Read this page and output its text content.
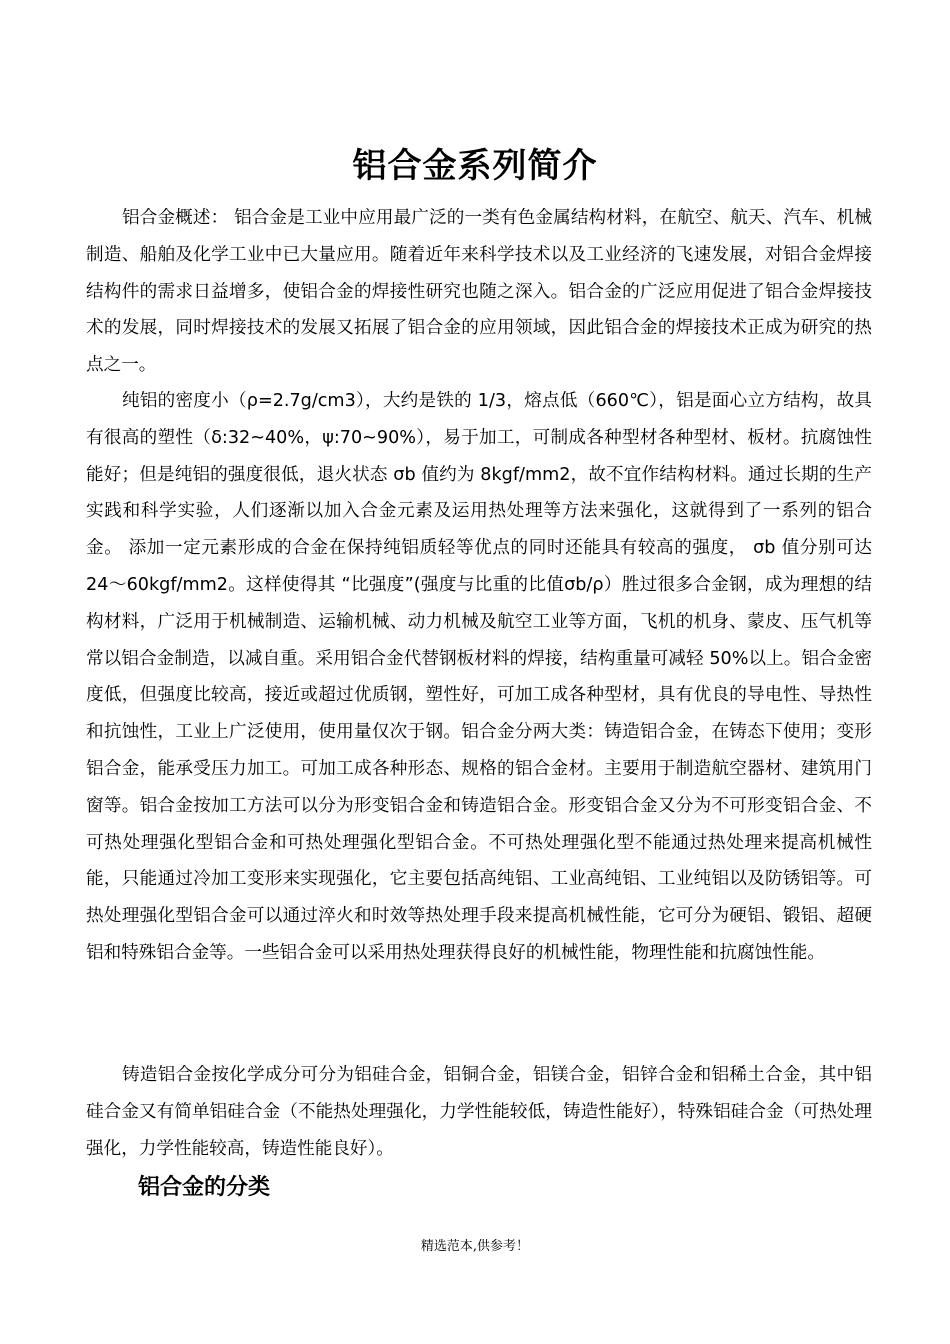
铝合金系列简介

铝合金概述： 铝合金是工业中应用最广泛的一类有色金属结构材料，在航空、航天、汽车、机械制造、船舶及化学工业中已大量应用。随着近年来科学技术以及工业经济的飞速发展，对铝合金焊接结构件的需求日益增多，使铝合金的焊接性研究也随之深入。铝合金的广泛应用促进了铝合金焊接技术的发展，同时焊接技术的发展又拓展了铝合金的应用领域，因此铝合金的焊接技术正成为研究的热点之一。

纯铝的密度小（ρ=2.7g/cm3），大约是铁的 1/3，熔点低（660℃），铝是面心立方结构，故具有很高的塑性（δ:32~40%，ψ:70~90%），易于加工，可制成各种型材各种型材、板材。抗腐蚀性能好；但是纯铝的强度很低，退火状态 σb 值约为 8kgf/mm2，故不宜作结构材料。通过长期的生产实践和科学实验，人们逐渐以加入合金元素及运用热处理等方法来强化，这就得到了一系列的铝合金。 添加一定元素形成的合金在保持纯铝质轻等优点的同时还能具有较高的强度， σb 值分别可达 24～60kgf/mm2。这样使得其 “比强度”(强度与比重的比值σb/ρ）胜过很多合金钢，成为理想的结构材料，广泛用于机械制造、运输机械、动力机械及航空工业等方面，飞机的机身、蒙皮、压气机等常以铝合金制造，以减自重。采用铝合金代替钢板材料的焊接，结构重量可减轻 50%以上。铝合金密度低，但强度比较高，接近或超过优质钢，塑性好，可加工成各种型材，具有优良的导电性、导热性和抗蚀性，工业上广泛使用，使用量仅次于钢。铝合金分两大类：铸造铝合金，在铸态下使用；变形铝合金，能承受压力加工。可加工成各种形态、规格的铝合金材。主要用于制造航空器材、建筑用门窗等。铝合金按加工方法可以分为形变铝合金和铸造铝合金。形变铝合金又分为不可形变铝合金、不可热处理强化型铝合金和可热处理强化型铝合金。不可热处理强化型不能通过热处理来提高机械性能，只能通过冷加工变形来实现强化，它主要包括高纯铝、工业高纯铝、工业纯铝以及防锈铝等。可热处理强化型铝合金可以通过淬火和时效等热处理手段来提高机械性能，它可分为硬铝、锻铝、超硬铝和特殊铝合金等。一些铝合金可以采用热处理获得良好的机械性能，物理性能和抗腐蚀性能。

铸造铝合金按化学成分可分为铝硅合金，铝铜合金，铝镁合金，铝锌合金和铝稀土合金，其中铝硅合金又有简单铝硅合金（不能热处理强化，力学性能较低，铸造性能好），特殊铝硅合金（可热处理强化，力学性能较高，铸造性能良好）。

铝合金的分类
精选范本,供参考！
